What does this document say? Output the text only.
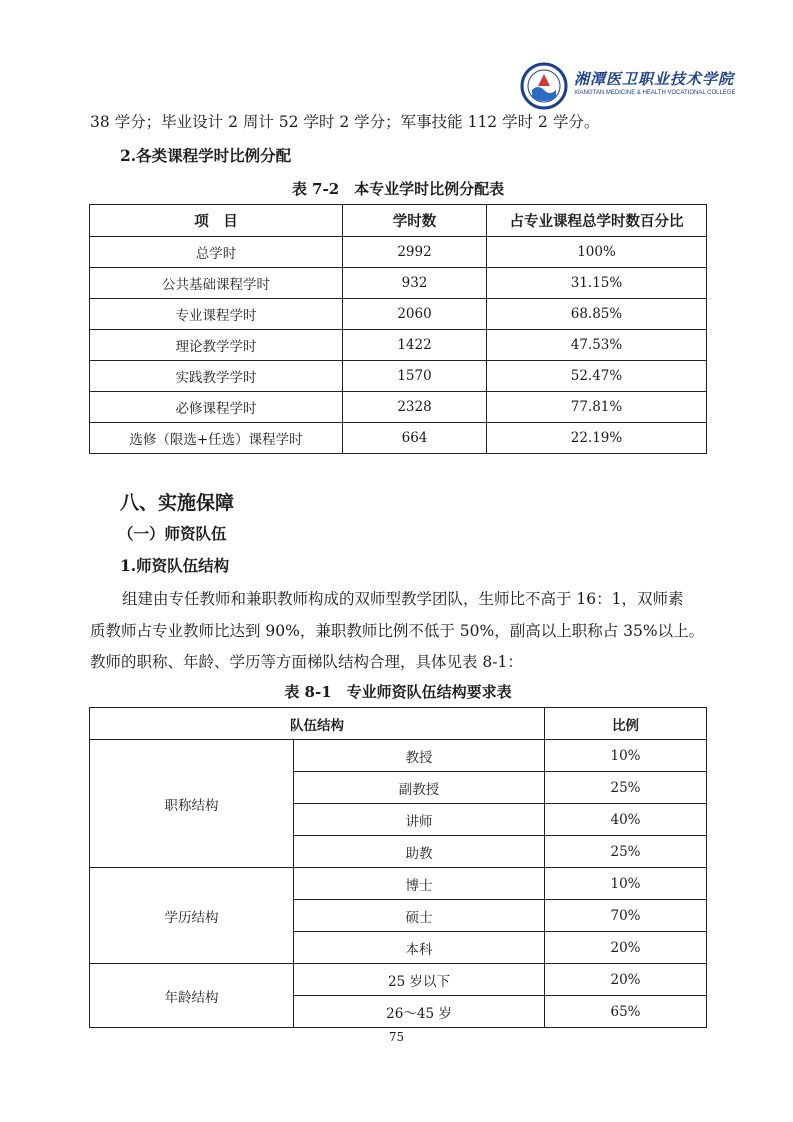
湘潭医卫职业技术学院
XIANGTAN MEDICINE & HEALTH VOCATIONAL COLLEGE
38 学分；毕业设计 2 周计 52 学时 2 学分；军事技能 112 学时 2 学分。
2.各类课程学时比例分配
表 7-2　本专业学时比例分配表
项　目	学时数	占专业课程总学时数百分比
总学时	2992	100%
公共基础课程学时	932	31.15%
专业课程学时	2060	68.85%
理论教学学时	1422	47.53%
实践教学学时	1570	52.47%
必修课程学时	2328	77.81%
选修（限选+任选）课程学时	664	22.19%
八、实施保障
（一）师资队伍
1.师资队伍结构
组建由专任教师和兼职教师构成的双师型教学团队，生师比不高于 16：1，双师素
质教师占专业教师比达到 90%，兼职教师比例不低于 50%，副高以上职称占 35%以上。
教师的职称、年龄、学历等方面梯队结构合理，具体见表 8-1：
表 8-1　专业师资队伍结构要求表
队伍结构		比例
职称结构	教授	10%
	副教授	25%
	讲师	40%
	助教	25%
学历结构	博士	10%
	硕士	70%
	本科	20%
年龄结构	25 岁以下	20%
	26～45 岁	65%
75
